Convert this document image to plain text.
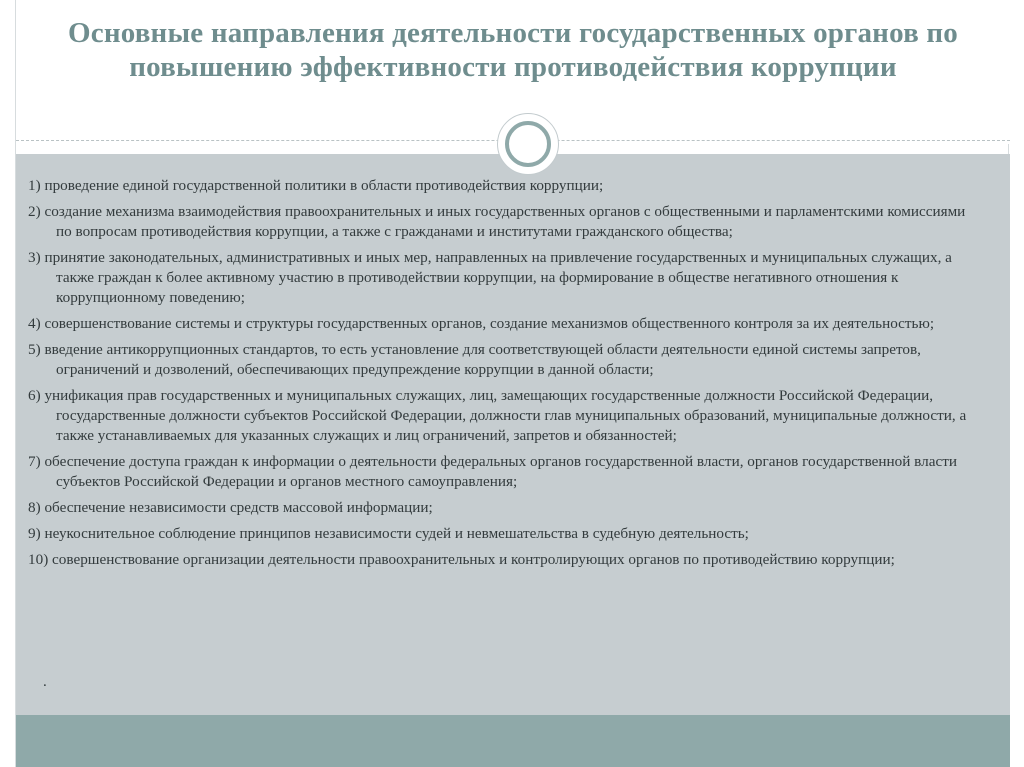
Основные направления деятельности государственных органов по повышению эффективности противодействия коррупции
1) проведение единой государственной политики в области противодействия коррупции;
2) создание механизма взаимодействия правоохранительных и иных государственных органов с общественными и парламентскими комиссиями по вопросам противодействия коррупции, а также с гражданами и институтами гражданского общества;
3) принятие законодательных, административных и иных мер, направленных на привлечение государственных и муниципальных служащих, а также граждан к более активному участию в противодействии коррупции, на формирование в обществе негативного отношения к коррупционному поведению;
4) совершенствование системы и структуры государственных органов, создание механизмов общественного контроля за их деятельностью;
5) введение антикоррупционных стандартов, то есть установление для соответствующей области деятельности единой системы запретов, ограничений и дозволений, обеспечивающих предупреждение коррупции в данной области;
6) унификация прав государственных и муниципальных служащих, лиц, замещающих государственные должности Российской Федерации, государственные должности субъектов Российской Федерации, должности глав муниципальных образований, муниципальные должности, а также устанавливаемых для указанных служащих и лиц ограничений, запретов и обязанностей;
7) обеспечение доступа граждан к информации о деятельности федеральных органов государственной власти, органов государственной власти субъектов Российской Федерации и органов местного самоуправления;
8) обеспечение независимости средств массовой информации;
9) неукоснительное соблюдение принципов независимости судей и невмешательства в судебную деятельность;
10) совершенствование организации деятельности правоохранительных и контролирующих органов по противодействию коррупции;
.
